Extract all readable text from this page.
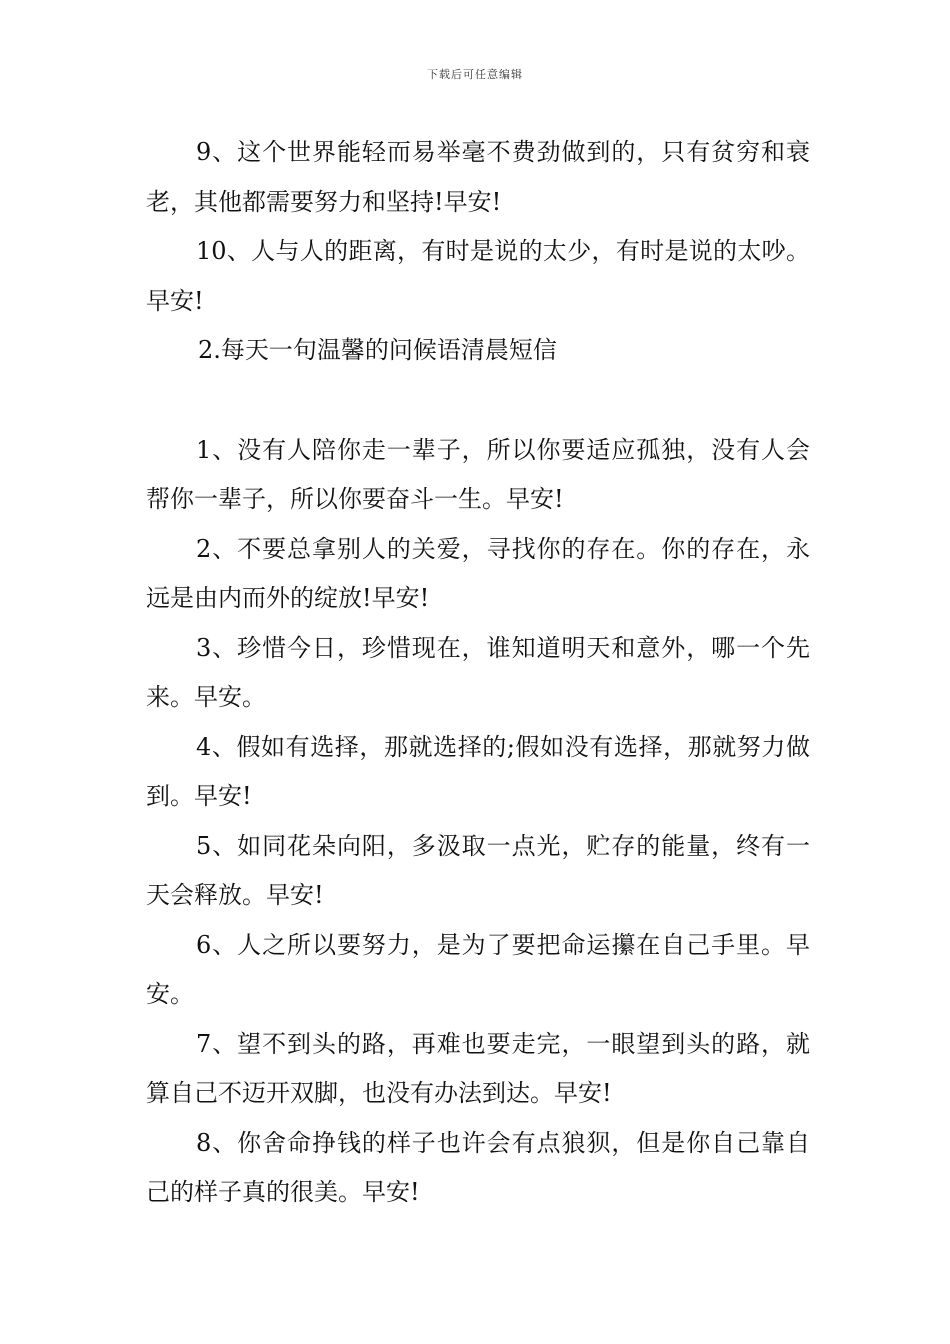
下载后可任意编辑

9、这个世界能轻而易举毫不费劲做到的，只有贫穷和衰老，其他都需要努力和坚持!早安!

10、人与人的距离，有时是说的太少，有时是说的太吵。早安!

2.每天一句温馨的问候语清晨短信

1、没有人陪你走一辈子，所以你要适应孤独，没有人会帮你一辈子，所以你要奋斗一生。早安!

2、不要总拿别人的关爱，寻找你的存在。你的存在，永远是由内而外的绽放!早安!

3、珍惜今日，珍惜现在，谁知道明天和意外，哪一个先来。早安。

4、假如有选择，那就选择的;假如没有选择，那就努力做到。早安!

5、如同花朵向阳，多汲取一点光，贮存的能量，终有一天会释放。早安!

6、人之所以要努力，是为了要把命运攥在自己手里。早安。

7、望不到头的路，再难也要走完，一眼望到头的路，就算自己不迈开双脚，也没有办法到达。早安!

8、你舍命挣钱的样子也许会有点狼狈，但是你自己靠自己的样子真的很美。早安!
